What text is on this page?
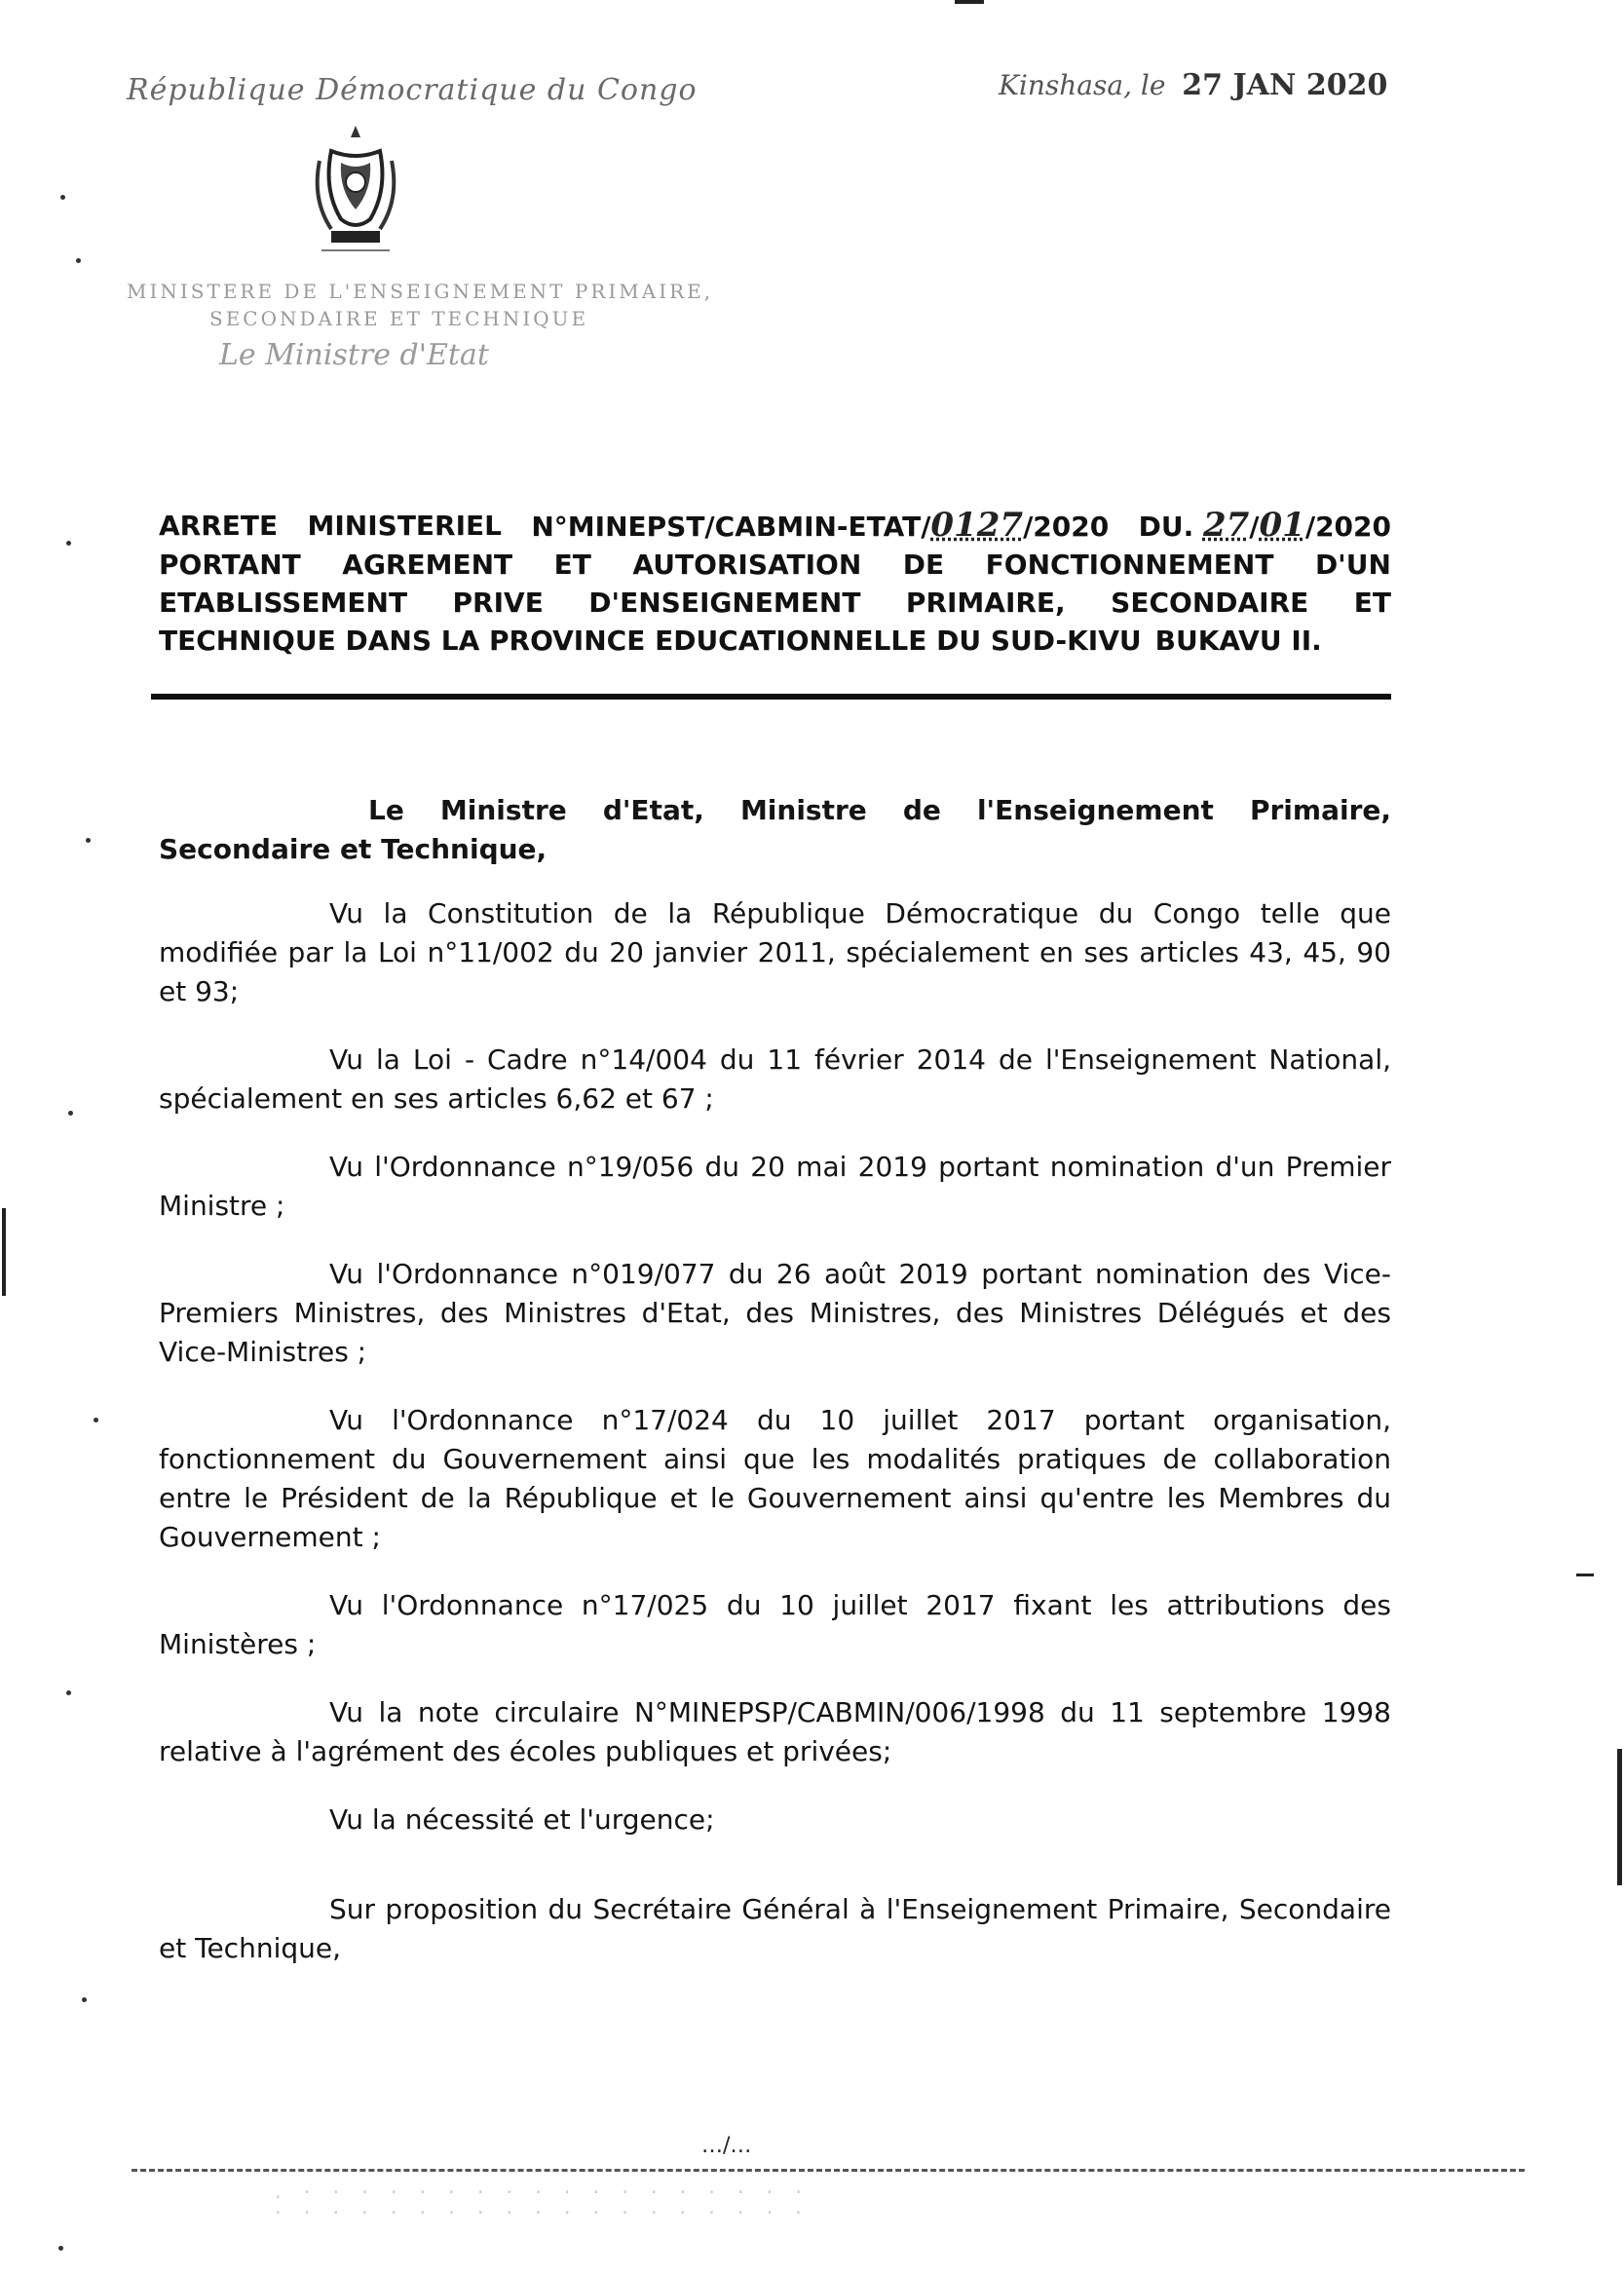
République Démocratique du Congo
MINISTERE DE L'ENSEIGNEMENT PRIMAIRE,
SECONDAIRE ET TECHNIQUE
Le Ministre d'Etat
Kinshasa, le 27 JAN 2020
ARRETE MINISTERIEL N°MINEPST/CABMIN-ETAT/0127/2020 DU. 27/01/2020
PORTANT AGREMENT ET AUTORISATION DE FONCTIONNEMENT D'UN
ETABLISSEMENT PRIVE D'ENSEIGNEMENT PRIMAIRE, SECONDAIRE ET
TECHNIQUE DANS LA PROVINCE EDUCATIONNELLE DU SUD-KIVU BUKAVU II.

Le Ministre d'Etat, Ministre de l'Enseignement Primaire, Secondaire et Technique,

Vu la Constitution de la République Démocratique du Congo telle que modifiée par la Loi n°11/002 du 20 janvier 2011, spécialement en ses articles 43, 45, 90 et 93;

Vu la Loi - Cadre n°14/004 du 11 février 2014 de l'Enseignement National, spécialement en ses articles 6,62 et 67 ;

Vu l'Ordonnance n°19/056 du 20 mai 2019 portant nomination d'un Premier Ministre ;

Vu l'Ordonnance n°019/077 du 26 août 2019 portant nomination des Vice-Premiers Ministres, des Ministres d'Etat, des Ministres, des Ministres Délégués et des Vice-Ministres ;

Vu l'Ordonnance n°17/024 du 10 juillet 2017 portant organisation, fonctionnement du Gouvernement ainsi que les modalités pratiques de collaboration entre le Président de la République et le Gouvernement ainsi qu'entre les Membres du Gouvernement ;

Vu l'Ordonnance n°17/025 du 10 juillet 2017 fixant les attributions des Ministères ;

Vu la note circulaire N°MINEPSP/CABMIN/006/1998 du 11 septembre 1998 relative à l'agrément des écoles publiques et privées;

Vu la nécessité et l'urgence;

Sur proposition du Secrétaire Général à l'Enseignement Primaire, Secondaire et Technique,

…/…
. · · · · · · · · · · · · · · · · · ·
· · · · · · · · · · · · · · · · · · ·
